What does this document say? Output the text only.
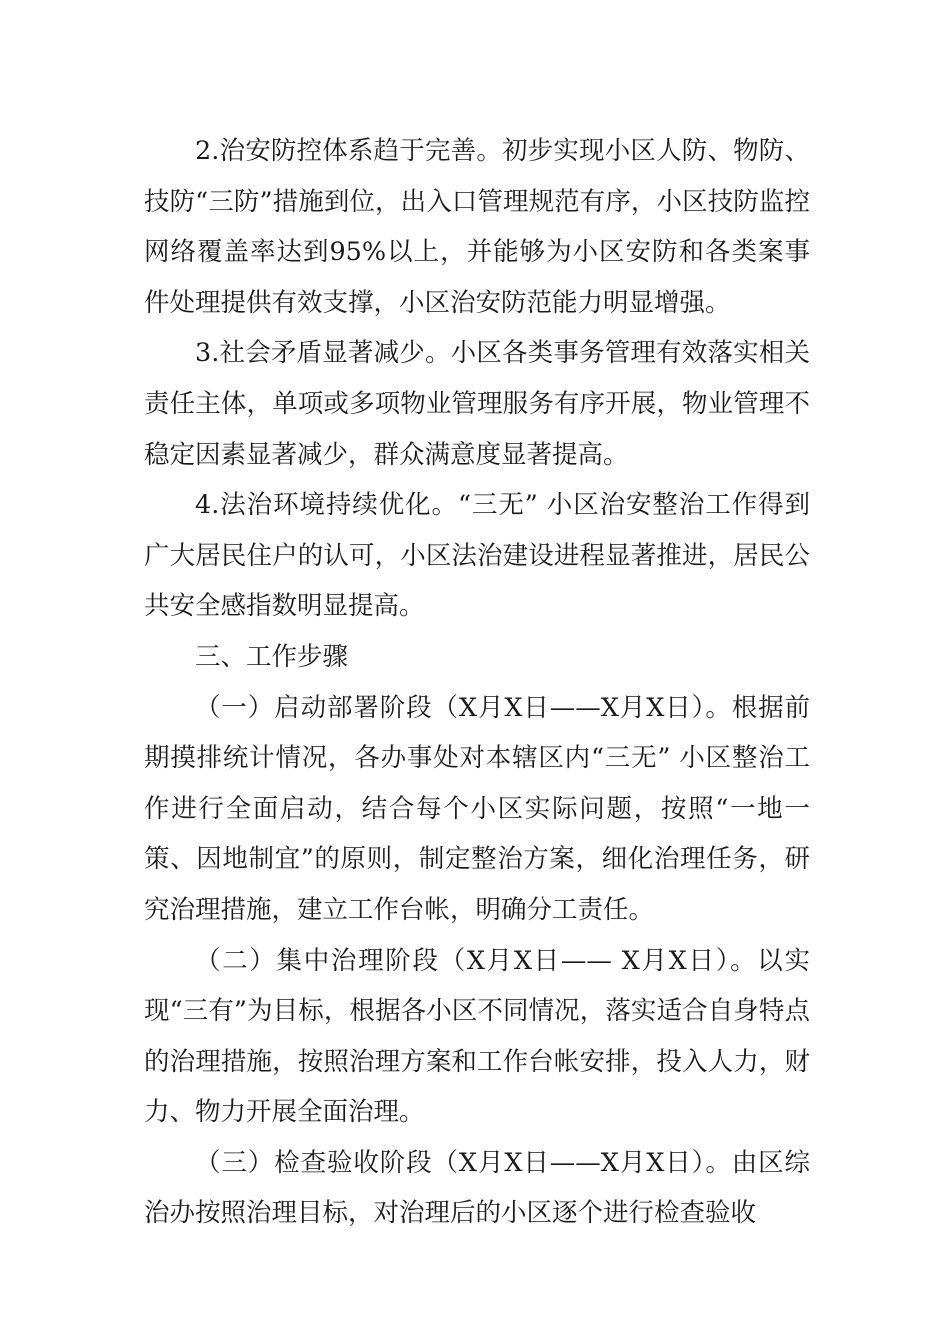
2.治安防控体系趋于完善。初步实现小区人防、物防、技防“三防”措施到位，出入口管理规范有序，小区技防监控网络覆盖率达到95%以上，并能够为小区安防和各类案事件处理提供有效支撑，小区治安防范能力明显增强。

3.社会矛盾显著减少。小区各类事务管理有效落实相关责任主体，单项或多项物业管理服务有序开展，物业管理不稳定因素显著减少，群众满意度显著提高。

4.法治环境持续优化。“三无” 小区治安整治工作得到广大居民住户的认可，小区法治建设进程显著推进，居民公共安全感指数明显提高。

三、工作步骤

（一）启动部署阶段（X月X日——X月X日）。根据前期摸排统计情况，各办事处对本辖区内“三无” 小区整治工作进行全面启动，结合每个小区实际问题，按照“一地一策、因地制宜”的原则，制定整治方案，细化治理任务，研究治理措施，建立工作台帐，明确分工责任。

（二）集中治理阶段（X月X日—— X月X日）。以实现“三有”为目标，根据各小区不同情况，落实适合自身特点的治理措施，按照治理方案和工作台帐安排，投入人力，财力、物力开展全面治理。

（三）检查验收阶段（X月X日——X月X日）。由区综治办按照治理目标，对治理后的小区逐个进行检查验收
